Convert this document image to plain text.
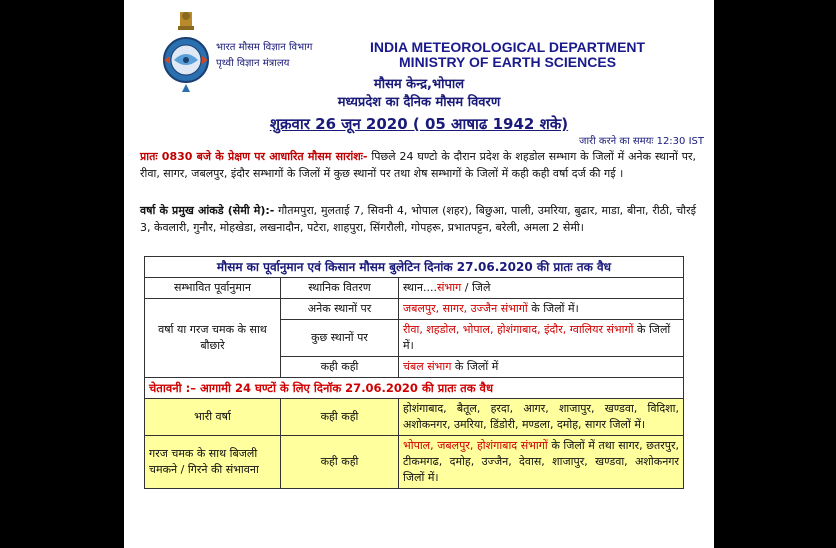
भारत मौसम विज्ञान विभाग
पृथ्वी विज्ञान मंत्रालय
INDIA METEOROLOGICAL DEPARTMENT
MINISTRY OF EARTH SCIENCES
मौसम केन्द्र,भोपाल
मध्यप्रदेश का दैनिक मौसम विवरण
शुक्रवार 26 जून 2020 ( 05 आषाढ 1942 शके)
जारी करने का समयः 12:30 IST
प्रातः 0830 बजे के प्रेक्षण पर आधारित मौसम सारांशः- पिछले 24 घण्टो के दौरान प्रदेश के शहडोल सम्भाग के जिलों में अनेक स्थानों पर, रीवा, सागर, जबलपुर, इंदौर सम्भागों के जिलों में कुछ स्थानों पर तथा शेष सम्भागों के जिलों में कही कही वर्षा दर्ज की गई ।
वर्षा के प्रमुख आंकडे (सेमी मे):- गौतमपुरा, मुलताई 7, सिवनी 4, भोपाल (शहर), बिछुआ, पाली, उमरिया, बुढार, माडा, बीना, रीठी, चौरई 3, केवलारी, गुनौर, मोहखेडा, लखनादौन, पटेरा, शाहपुरा, सिंगरौली, गोपहरू, प्रभातपट्टन, बरेली, अमला 2 सेमी।
मौसम का पूर्वानुमान एवं किसान मौसम बुलेटिन दिनांक 27.06.2020 की प्रातः तक वैध		
सम्भावित पूर्वानुमान	स्थानिक वितरण	स्थान....संभाग / जिले
वर्षा या गरज चमक के साथ बौछारे	अनेक स्थानों पर	जबलपुर, सागर, उज्जैन संभागों के जिलों में।
	कुछ स्थानों पर	रीवा, शहडोल, भोपाल, होशंगाबाद, इंदौर, ग्वालियर संभागों के जिलों में।
	कही कही	चंबल संभाग के जिलों में
चेतावनी :– आगामी 24 घण्टों के लिए दिनॉक 27.06.2020 की प्रातः तक वैध		
भारी वर्षा	कही कही	होशंगाबाद, बैतूल, हरदा, आगर, शाजापुर, खण्डवा, विदिशा, अशोकनगर, उमरिया, डिंडोरी, मण्डला, दमोह, सागर जिलों में।
गरज चमक के साथ बिजली चमकने / गिरने की संभावना	कही कही	भोपाल, जबलपुर, होशंगाबाद संभागों के जिलों में तथा सागर, छतरपुर, टीकमगढ, दमोह, उज्जैन, देवास, शाजापुर, खण्डवा, अशोकनगर जिलों में।
